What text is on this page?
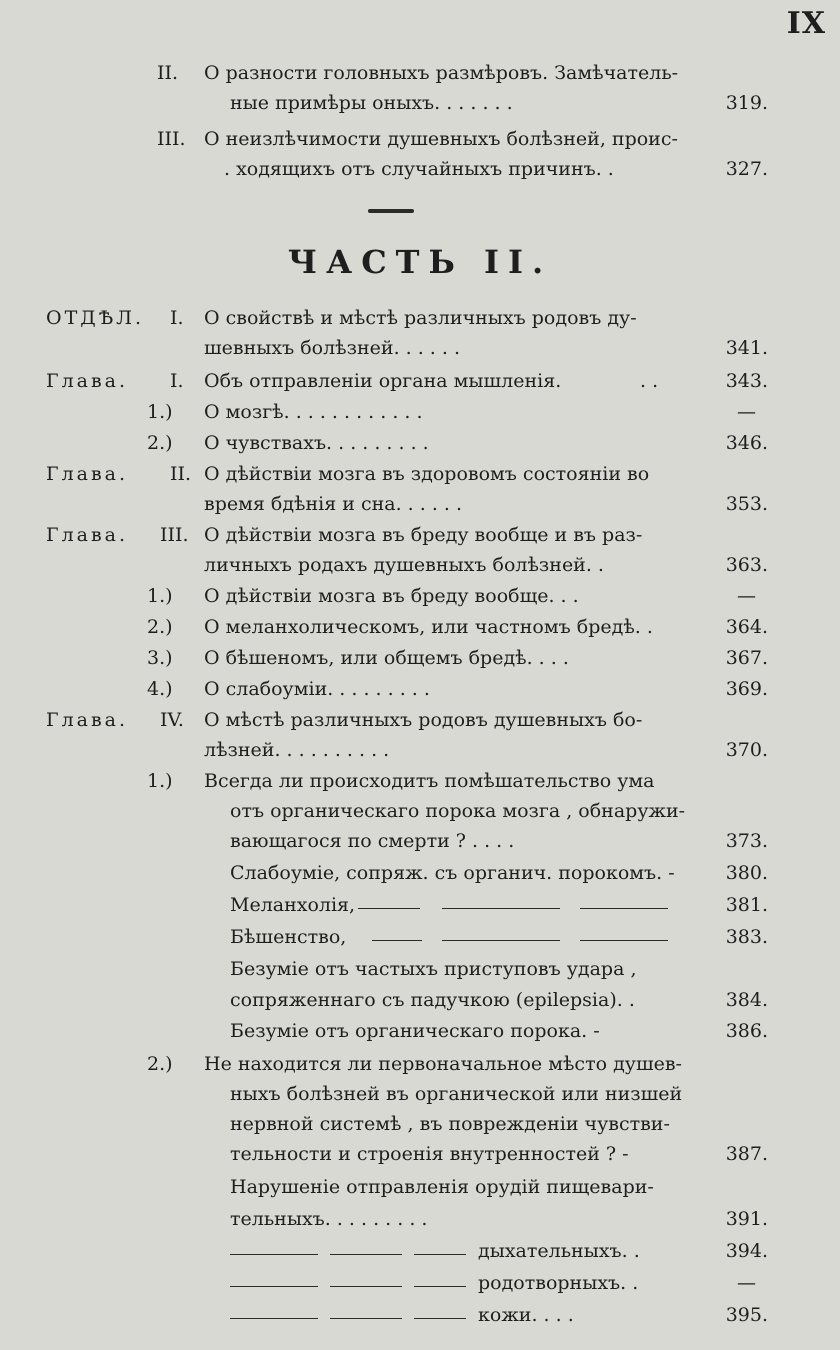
IX
II. О разности головныхъ размѣровъ. Замѣчатель-
ные примѣры оныхъ. . . . . . .	319.
III. О неизлѣчимости душевныхъ болѣзней, проис-
. ходящихъ отъ случайныхъ причинъ. .	327.
ЧАСТЬ II.
ОТДѢЛ. I. О свойствѣ и мѣстѣ различныхъ родовъ ду-
шевныхъ болѣзней. . . . . .	341.
Глава. I. Объ отправленіи органа мышленія.	. .	343.
1.) О мозгѣ. . . . . . . . . . . .	—
2.) О чувствахъ. . . . . . . . .	346.
Глава. II. О дѣйствіи мозга въ здоровомъ состояніи во
время бдѣнія и сна. . . . . .	353.
Глава. III. О дѣйствіи мозга въ бреду вообще и въ раз-
личныхъ родахъ душевныхъ болѣзней. .	363.
1.) О дѣйствіи мозга въ бреду вообще. . .	—
2.) О меланхолическомъ, или частномъ бредѣ. .	364.
3.) О бѣшеномъ, или общемъ бредѣ. . . .	367.
4.) О слабоуміи. . . . . . . . .	369.
Глава. IV. О мѣстѣ различныхъ родовъ душевныхъ бо-
лѣзней. . . . . . . . . .	370.
1.) Всегда ли происходитъ помѣшательство ума
отъ органическаго порока мозга , обнаружи-
вающагося по смерти ? . . . .	373.
Слабоуміе, сопряж. съ органич. порокомъ. -	380.
Меланхолія,	381.
Бѣшенство,	383.
Безуміе отъ частыхъ приступовъ удара ,
сопряженнаго съ падучкою (epilepsia). .	384.
Безуміе отъ органическаго порока. -	386.
2.) Не находится ли первоначальное мѣсто душев-
ныхъ болѣзней въ органической или низшей
нервной системѣ , въ поврежденіи чувстви-
тельности и строенія внутренностей ? -	387.
Нарушеніе отправленія орудій пищевари-
тельныхъ. . . . . . . . .	391.
дыхательныхъ. .	394.
родотворныхъ. .	—
кожи. . . .	395.
